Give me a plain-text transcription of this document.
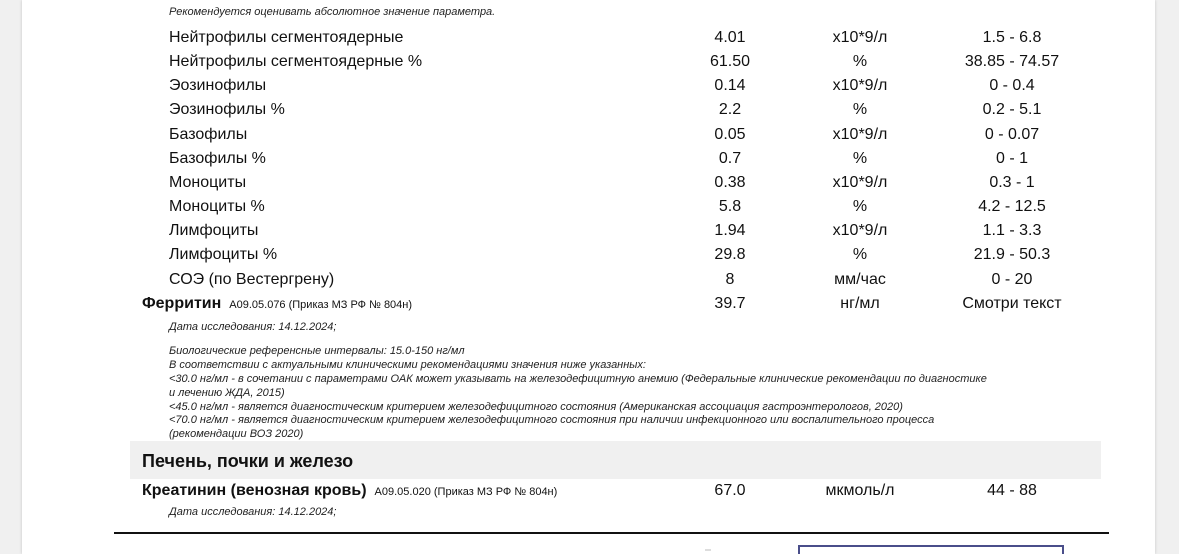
Рекомендуется оценивать абсолютное значение параметра.
Нейтрофилы сегментоядерные	4.01	x10*9/л	1.5 - 6.8
Нейтрофилы сегментоядерные %	61.50	%	38.85 - 74.57
Эозинофилы	0.14	x10*9/л	0 - 0.4
Эозинофилы %	2.2	%	0.2 - 5.1
Базофилы	0.05	x10*9/л	0 - 0.07
Базофилы %	0.7	%	0 - 1
Моноциты	0.38	x10*9/л	0.3 - 1
Моноциты %	5.8	%	4.2 - 12.5
Лимфоциты	1.94	x10*9/л	1.1 - 3.3
Лимфоциты %	29.8	%	21.9 - 50.3
СОЭ (по Вестергрену)	8	мм/час	0 - 20
Ферритин A09.05.076 (Приказ МЗ РФ № 804н)	39.7	нг/мл	Смотри текст
Дата исследования: 14.12.2024;
Биологические референсные интервалы: 15.0-150 нг/мл
В соответствии с актуальными клиническими рекомендациями значения ниже указанных:
<30.0 нг/мл - в сочетании с параметрами ОАК может указывать на железодефицитную анемию (Федеральные клинические рекомендации по диагностике
и лечению ЖДА, 2015)
<45.0 нг/мл - является диагностическим критерием железодефицитного состояния (Американская ассоциация гастроэнтерологов, 2020)
<70.0 нг/мл - является диагностическим критерием железодефицитного состояния при наличии инфекционного или воспалительного процесса
(рекомендации ВОЗ 2020)
Печень, почки и железо
Креатинин (венозная кровь) A09.05.020 (Приказ МЗ РФ № 804н)	67.0	мкмоль/л	44 - 88
Дата исследования: 14.12.2024;
